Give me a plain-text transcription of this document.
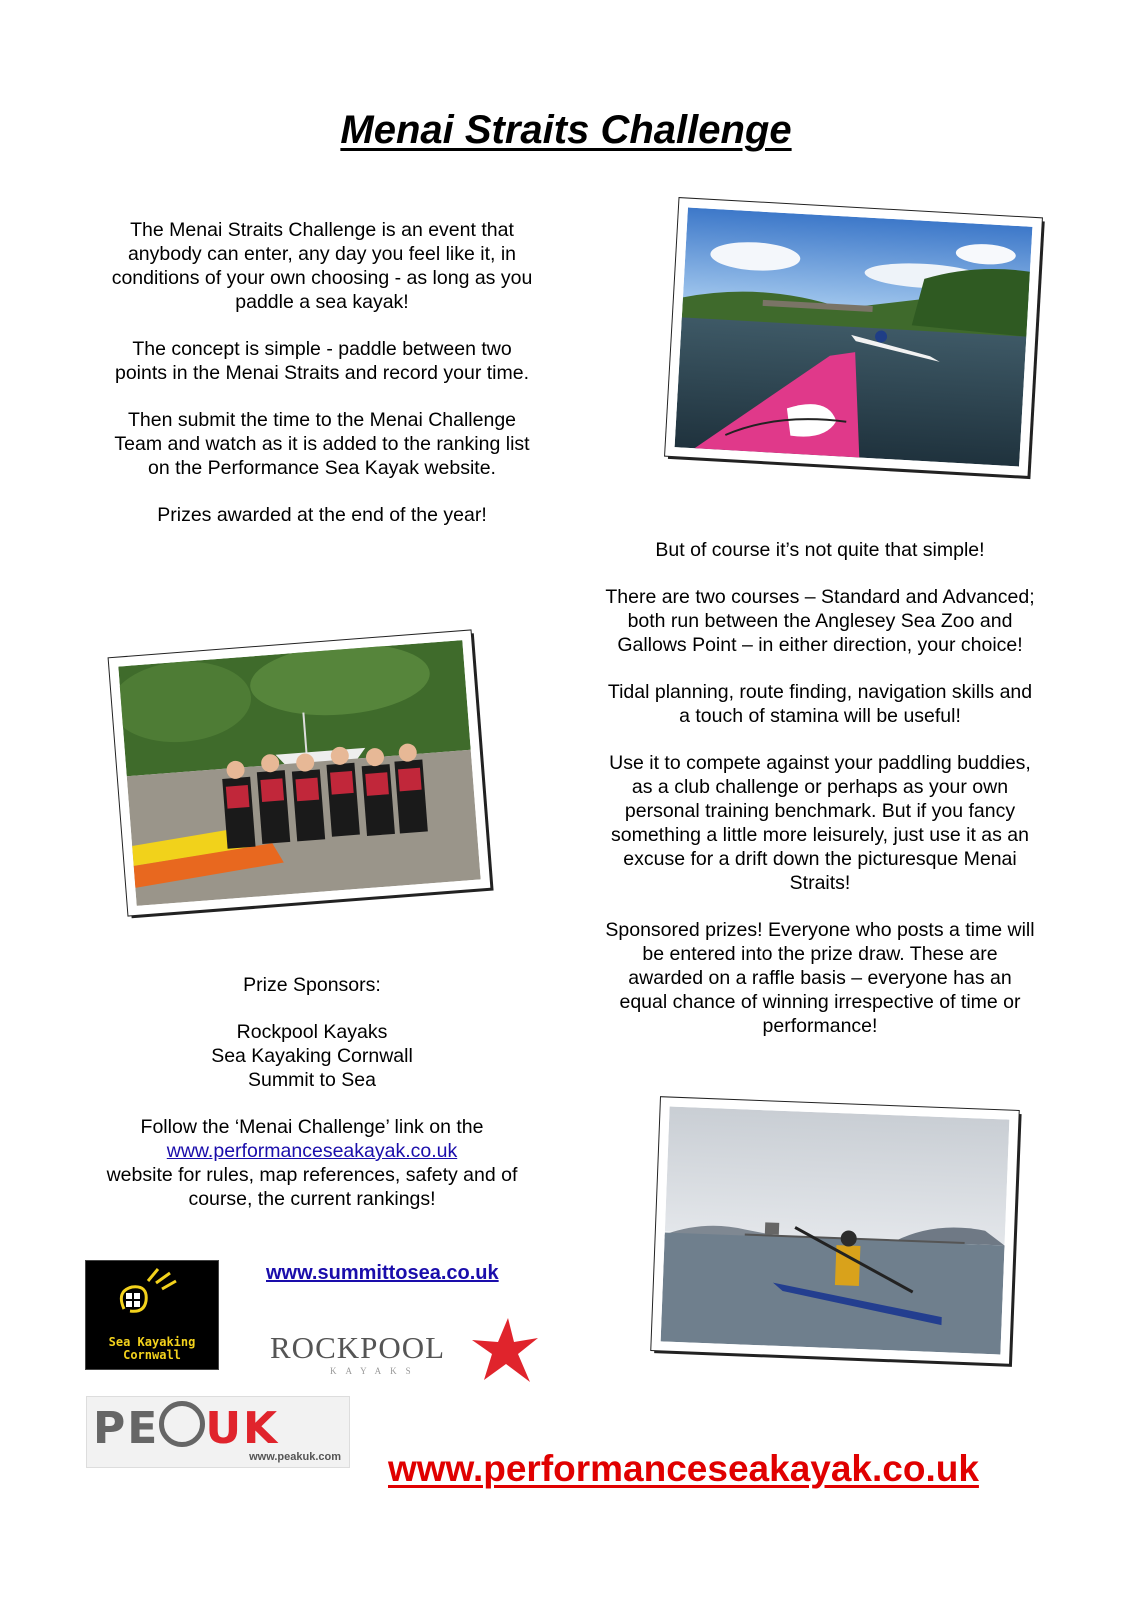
Menai Straits Challenge

The Menai Straits Challenge is an event that anybody can enter, any day you feel like it, in conditions of your own choosing - as long as you paddle a sea kayak!

The concept is simple - paddle between two points in the Menai Straits and record your time.

Then submit the time to the Menai Challenge Team and watch as it is added to the ranking list on the Performance Sea Kayak website.

Prizes awarded at the end of the year!

But of course it’s not quite that simple!

There are two courses – Standard and Advanced; both run between the Anglesey Sea Zoo and Gallows Point – in either direction, your choice!

Tidal planning, route finding, navigation skills and a touch of stamina will be useful!

Use it to compete against your paddling buddies, as a club challenge or perhaps as your own personal training benchmark. But if you fancy something a little more leisurely, just use it as an excuse for a drift down the picturesque Menai Straits!

Sponsored prizes! Everyone who posts a time will be entered into the prize draw. These are awarded on a raffle basis – everyone has an equal chance of winning irrespective of time or performance!

Prize Sponsors:

Rockpool Kayaks
Sea Kayaking Cornwall
Summit to Sea
Follow the ‘Menai Challenge’ link on the
www.performanceseakayak.co.uk
website for rules, map references, safety and of course, the current rankings!
Sea Kayaking
Cornwall
www.summittosea.co.uk
ROCKPOOL
KAYAKS
PE UK
www.peakuk.com www.performanceseakayak.co.uk
